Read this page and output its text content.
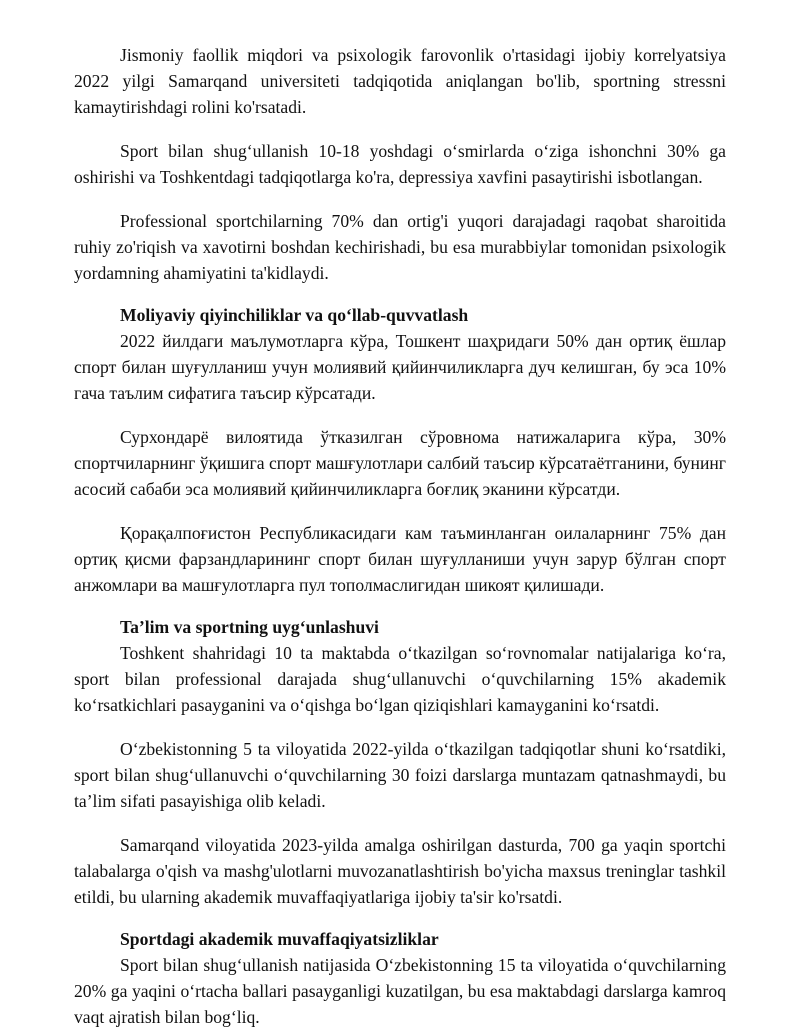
Jismoniy faollik miqdori va psixologik farovonlik o'rtasidagi ijobiy korrelyatsiya 2022 yilgi Samarqand universiteti tadqiqotida aniqlangan bo'lib, sportning stressni kamaytirishdagi rolini ko'rsatadi.

Sport bilan shug‘ullanish 10-18 yoshdagi o‘smirlarda o‘ziga ishonchni 30% ga oshirishi va Toshkentdagi tadqiqotlarga ko'ra, depressiya xavfini pasaytirishi isbotlangan.

Professional sportchilarning 70% dan ortig'i yuqori darajadagi raqobat sharoitida ruhiy zo'riqish va xavotirni boshdan kechirishadi, bu esa murabbiylar tomonidan psixologik yordamning ahamiyatini ta'kidlaydi.

Moliyaviy qiyinchiliklar va qo‘llab-quvvatlash

2022 йилдаги маълумотларга кўра, Тошкент шаҳридаги 50% дан ортиқ ёшлар спорт билан шуғулланиш учун молиявий қийинчиликларга дуч келишган, бу эса 10% гача таълим сифатига таъсир кўрсатади.

Сурхондарё вилоятида ўтказилган сўровнома натижаларига кўра, 30% спортчиларнинг ўқишига спорт машғулотлари салбий таъсир кўрсатаётганини, бунинг асосий сабаби эса молиявий қийинчиликларга боғлиқ эканини кўрсатди.

Қорақалпоғистон Республикасидаги кам таъминланган оилаларнинг 75% дан ортиқ қисми фарзандларининг спорт билан шуғулланиши учун зарур бўлган спорт анжомлари ва машғулотларга пул тополмаслигидан шикоят қилишади.

Ta’lim va sportning uyg‘unlashuvi

Toshkent shahridagi 10 ta maktabda o‘tkazilgan so‘rovnomalar natijalariga ko‘ra, sport bilan professional darajada shug‘ullanuvchi o‘quvchilarning 15% akademik ko‘rsatkichlari pasayganini va o‘qishga bo‘lgan qiziqishlari kamayganini ko‘rsatdi.

O‘zbekistonning 5 ta viloyatida 2022-yilda o‘tkazilgan tadqiqotlar shuni ko‘rsatdiki, sport bilan shug‘ullanuvchi o‘quvchilarning 30 foizi darslarga muntazam qatnashmaydi, bu ta’lim sifati pasayishiga olib keladi.

Samarqand viloyatida 2023-yilda amalga oshirilgan dasturda, 700 ga yaqin sportchi talabalarga o'qish va mashg'ulotlarni muvozanatlashtirish bo'yicha maxsus treninglar tashkil etildi, bu ularning akademik muvaffaqiyatlariga ijobiy ta'sir ko'rsatdi.

Sportdagi akademik muvaffaqiyatsizliklar

Sport bilan shug‘ullanish natijasida O‘zbekistonning 15 ta viloyatida o‘quvchilarning 20% ga yaqini o‘rtacha ballari pasayganligi kuzatilgan, bu esa maktabdagi darslarga kamroq vaqt ajratish bilan bog‘liq.
